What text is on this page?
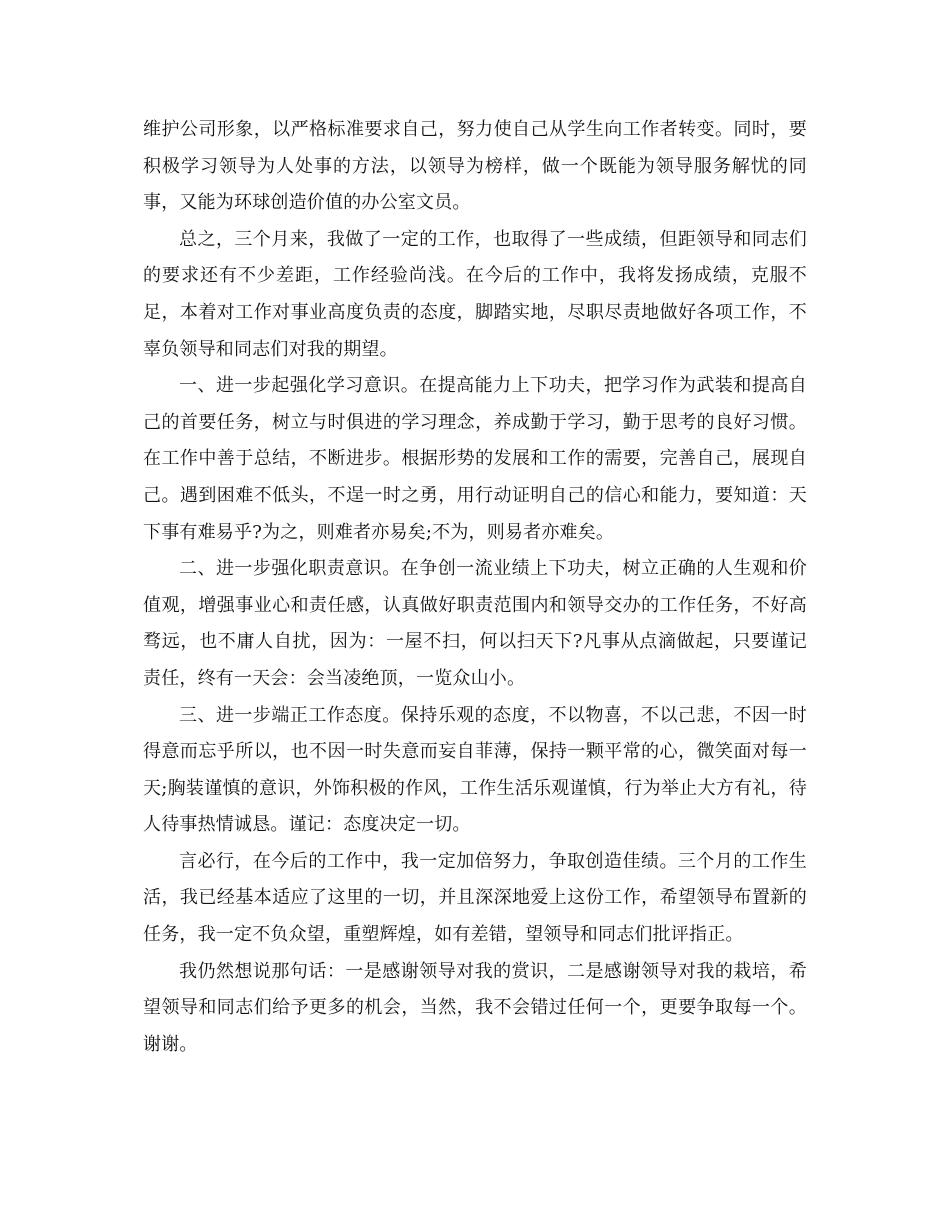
维护公司形象，以严格标准要求自己，努力使自己从学生向工作者转变。同时，要积极学习领导为人处事的方法，以领导为榜样，做一个既能为领导服务解忧的同事，又能为环球创造价值的办公室文员。

总之，三个月来，我做了一定的工作，也取得了一些成绩，但距领导和同志们的要求还有不少差距，工作经验尚浅。在今后的工作中，我将发扬成绩，克服不足，本着对工作对事业高度负责的态度，脚踏实地，尽职尽责地做好各项工作，不辜负领导和同志们对我的期望。

一、进一步起强化学习意识。在提高能力上下功夫，把学习作为武装和提高自己的首要任务，树立与时俱进的学习理念，养成勤于学习，勤于思考的良好习惯。在工作中善于总结，不断进步。根据形势的发展和工作的需要，完善自己，展现自己。遇到困难不低头，不逞一时之勇，用行动证明自己的信心和能力，要知道：天下事有难易乎?为之，则难者亦易矣;不为，则易者亦难矣。

二、进一步强化职责意识。在争创一流业绩上下功夫，树立正确的人生观和价值观，增强事业心和责任感，认真做好职责范围内和领导交办的工作任务，不好高骛远，也不庸人自扰，因为：一屋不扫，何以扫天下?凡事从点滴做起，只要谨记责任，终有一天会：会当凌绝顶，一览众山小。

三、进一步端正工作态度。保持乐观的态度，不以物喜，不以己悲，不因一时得意而忘乎所以，也不因一时失意而妄自菲薄，保持一颗平常的心，微笑面对每一天;胸装谨慎的意识，外饰积极的作风，工作生活乐观谨慎，行为举止大方有礼，待人待事热情诚恳。谨记：态度决定一切。

言必行，在今后的工作中，我一定加倍努力，争取创造佳绩。三个月的工作生活，我已经基本适应了这里的一切，并且深深地爱上这份工作，希望领导布置新的任务，我一定不负众望，重塑辉煌，如有差错，望领导和同志们批评指正。

我仍然想说那句话：一是感谢领导对我的赏识，二是感谢领导对我的栽培，希望领导和同志们给予更多的机会，当然，我不会错过任何一个，更要争取每一个。谢谢。
